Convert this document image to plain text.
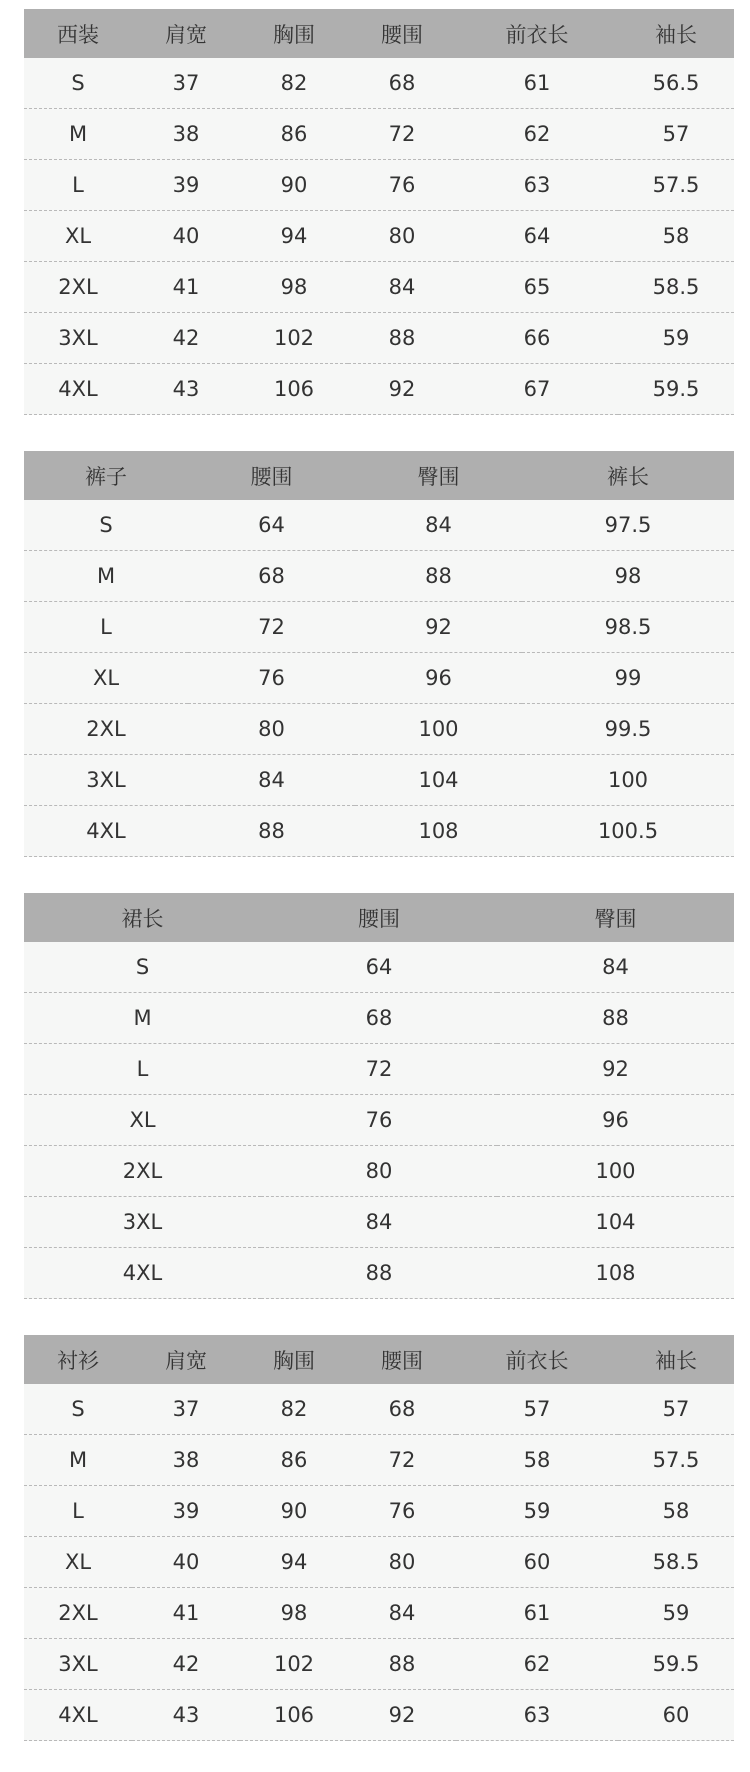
西装	肩宽	胸围	腰围	前衣长	袖长
S	37	82	68	61	56.5
M	38	86	72	62	57
L	39	90	76	63	57.5
XL	40	94	80	64	58
2XL	41	98	84	65	58.5
3XL	42	102	88	66	59
4XL	43	106	92	67	59.5
裤子	腰围	臀围	裤长
S	64	84	97.5
M	68	88	98
L	72	92	98.5
XL	76	96	99
2XL	80	100	99.5
3XL	84	104	100
4XL	88	108	100.5
裙长	腰围	臀围
S	64	84
M	68	88
L	72	92
XL	76	96
2XL	80	100
3XL	84	104
4XL	88	108
衬衫	肩宽	胸围	腰围	前衣长	袖长
S	37	82	68	57	57
M	38	86	72	58	57.5
L	39	90	76	59	58
XL	40	94	80	60	58.5
2XL	41	98	84	61	59
3XL	42	102	88	62	59.5
4XL	43	106	92	63	60
